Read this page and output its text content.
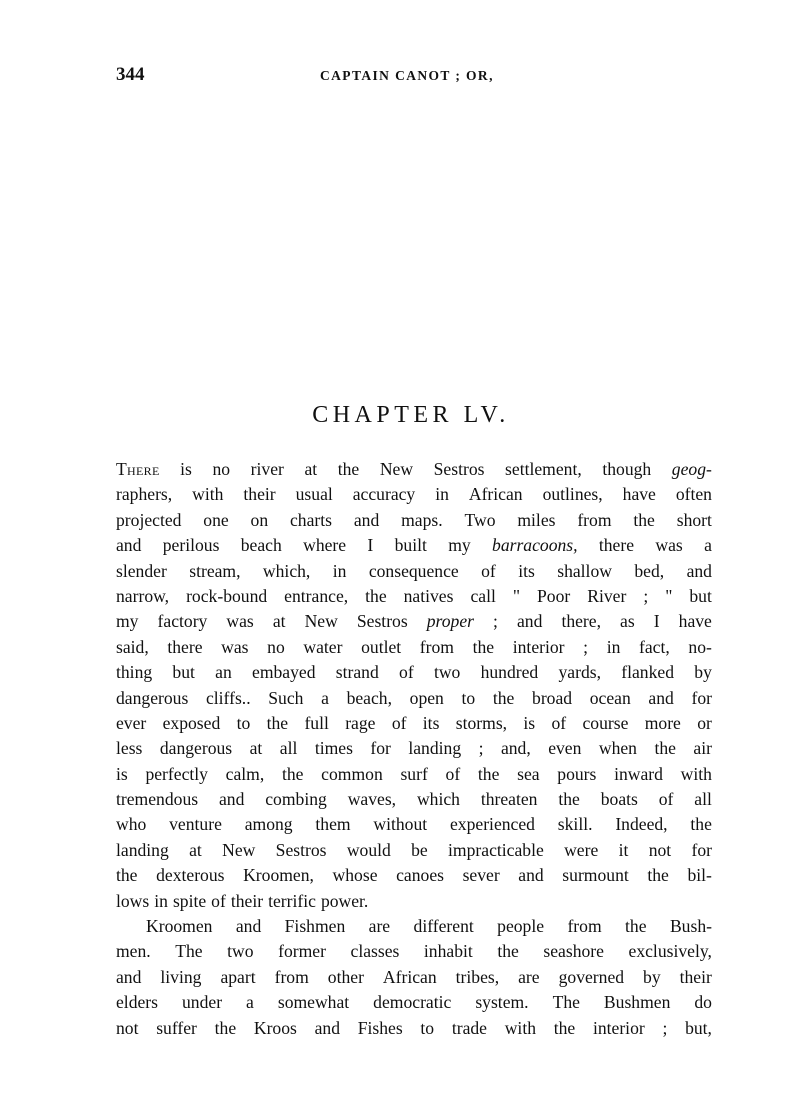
344	CAPTAIN CANOT ; OR,
CHAPTER LV.
There is no river at the New Sestros settlement, though geog-
raphers, with their usual accuracy in African outlines, have often
projected one on charts and maps. Two miles from the short
and perilous beach where I built my barracoons, there was a
slender stream, which, in consequence of its shallow bed, and
narrow, rock-bound entrance, the natives call " Poor River ; " but
my factory was at New Sestros proper ; and there, as I have
said, there was no water outlet from the interior ; in fact, no-
thing but an embayed strand of two hundred yards, flanked by
dangerous cliffs.. Such a beach, open to the broad ocean and for
ever exposed to the full rage of its storms, is of course more or
less dangerous at all times for landing ; and, even when the air
is perfectly calm, the common surf of the sea pours inward with
tremendous and combing waves, which threaten the boats of all
who venture among them without experienced skill. Indeed, the
landing at New Sestros would be impracticable were it not for
the dexterous Kroomen, whose canoes sever and surmount the bil-
lows in spite of their terrific power.
Kroomen and Fishmen are different people from the Bush-
men. The two former classes inhabit the seashore exclusively,
and living apart from other African tribes, are governed by their
elders under a somewhat democratic system. The Bushmen do
not suffer the Kroos and Fishes to trade with the interior ; but,
